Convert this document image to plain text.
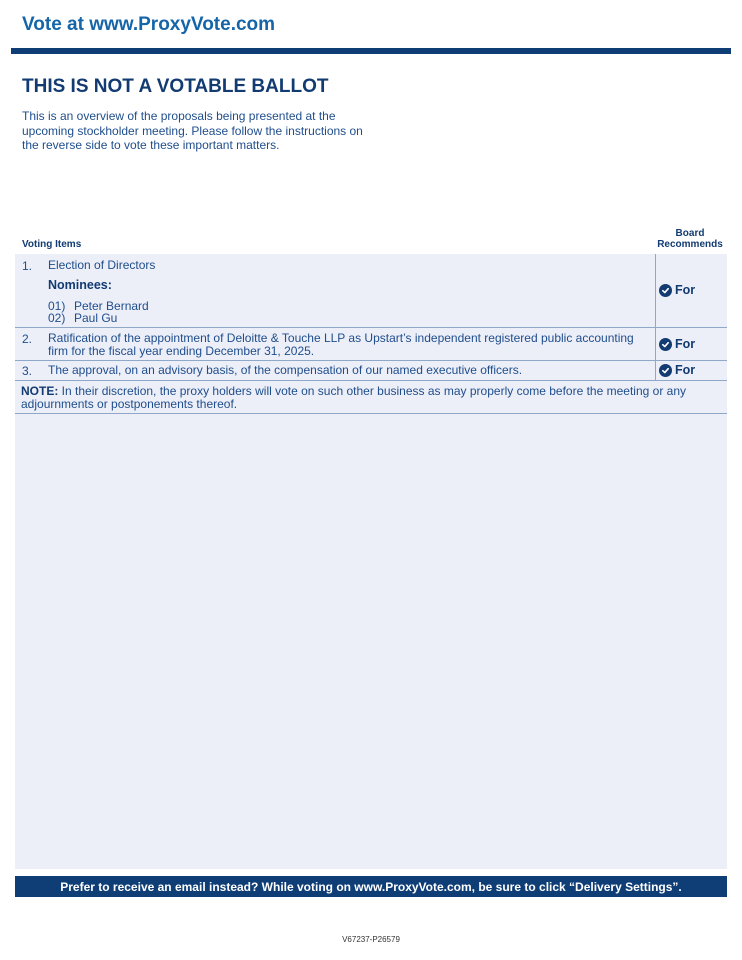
Vote at www.ProxyVote.com
THIS IS NOT A VOTABLE BALLOT
This is an overview of the proposals being presented at the upcoming stockholder meeting. Please follow the instructions on the reverse side to vote these important matters.
Voting Items
Board
Recommends
1. Election of Directors
Nominees:
01) Peter Bernard
02) Paul Gu
For
2. Ratification of the appointment of Deloitte & Touche LLP as Upstart’s independent registered public accounting firm for the fiscal year ending December 31, 2025.	For
3. The approval, on an advisory basis, of the compensation of our named executive officers.	For
NOTE: In their discretion, the proxy holders will vote on such other business as may properly come before the meeting or any adjournments or postponements thereof.
Prefer to receive an email instead? While voting on www.ProxyVote.com, be sure to click “Delivery Settings”.
V67237-P26579
